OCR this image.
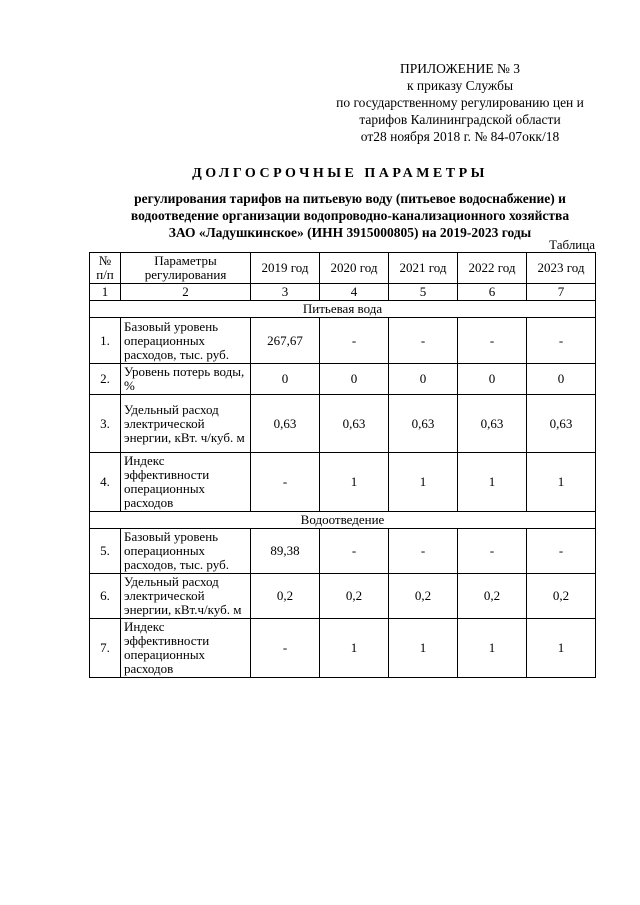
ПРИЛОЖЕНИЕ № 3
к приказу Службы
по государственному регулированию цен и
тарифов Калининградской области
от28 ноября 2018 г. № 84-07окк/18
ДОЛГОСРОЧНЫЕ ПАРАМЕТРЫ
регулирования тарифов на питьевую воду (питьевое водоснабжение) и
водоотведение организации водопроводно-канализационного хозяйства
ЗАО «Ладушкинское» (ИНН 3915000805) на 2019-2023 годы
Таблица
№ п/п	Параметры регулирования	2019 год	2020 год	2021 год	2022 год	2023 год
1	2	3	4	5	6	7
Питьевая вода						
1.	Базовый уровень операционных расходов, тыс. руб.	267,67	-	-	-	-
2.	Уровень потерь воды, %	0	0	0	0	0
3.	Удельный расход электрической энергии, кВт. ч/куб. м	0,63	0,63	0,63	0,63	0,63
4.	Индекс эффективности операционных расходов	-	1	1	1	1
Водоотведение						
5.	Базовый уровень операционных расходов, тыс. руб.	89,38	-	-	-	-
6.	Удельный расход электрической энергии, кВт.ч/куб. м	0,2	0,2	0,2	0,2	0,2
7.	Индекс эффективности операционных расходов	-	1	1	1	1
